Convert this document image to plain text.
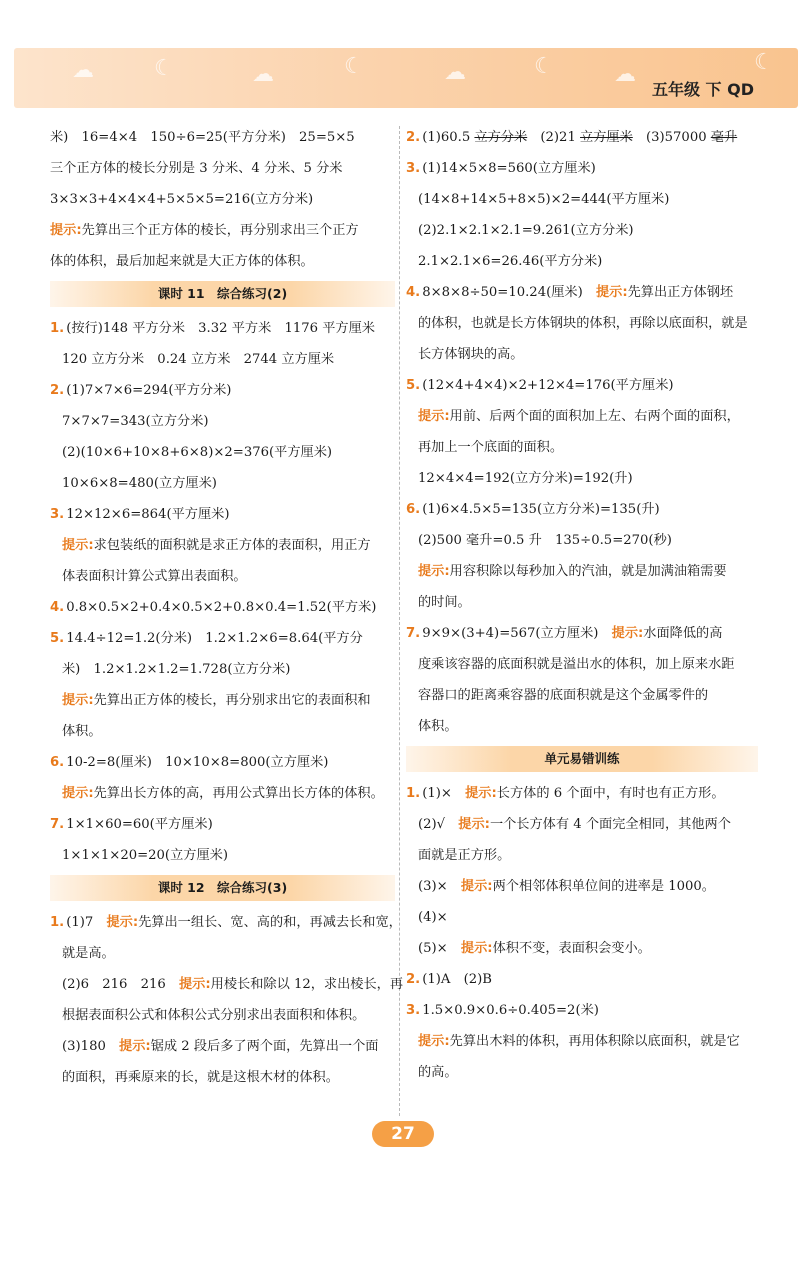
☁	☾	☁	☾	☁	☾	☁	☾
五年级 下 QD
米)　16=4×4　150÷6=25(平方分米)　25=5×5
三个正方体的棱长分别是 3 分米、4 分米、5 分米
3×3×3+4×4×4+5×5×5=216(立方分米)
提示:先算出三个正方体的棱长，再分别求出三个正方
体的体积，最后加起来就是大正方体的体积。
课时 11　综合练习(2)
1. (按行)148 平方分米　3.32 平方米　1176 平方厘米
120 立方分米　0.24 立方米　2744 立方厘米
2. (1)7×7×6=294(平方分米)
7×7×7=343(立方分米)
(2)(10×6+10×8+6×8)×2=376(平方厘米)
10×6×8=480(立方厘米)
3. 12×12×6=864(平方厘米)
提示:求包装纸的面积就是求正方体的表面积，用正方
体表面积计算公式算出表面积。
4. 0.8×0.5×2+0.4×0.5×2+0.8×0.4=1.52(平方米)
5. 14.4÷12=1.2(分米)　1.2×1.2×6=8.64(平方分
米)　1.2×1.2×1.2=1.728(立方分米)
提示:先算出正方体的棱长，再分别求出它的表面积和
体积。
6. 10-2=8(厘米)　10×10×8=800(立方厘米)
提示:先算出长方体的高，再用公式算出长方体的体积。
7. 1×1×60=60(平方厘米)
1×1×1×20=20(立方厘米)
课时 12　综合练习(3)
1. (1)7　 提示:先算出一组长、宽、高的和，再减去长和宽，
就是高。
(2)6　216　216　 提示:用棱长和除以 12，求出棱长，再
根据表面积公式和体积公式分别求出表面积和体积。
(3)180　 提示:锯成 2 段后多了两个面，先算出一个面
的面积，再乘原来的长，就是这根木材的体积。
2. (1)60.5 立方分米　(2)21 立方厘米　(3)57000 毫升
3. (1)14×5×8=560(立方厘米)
(14×8+14×5+8×5)×2=444(平方厘米)
(2)2.1×2.1×2.1=9.261(立方分米)
2.1×2.1×6=26.46(平方分米)
4. 8×8×8÷50=10.24(厘米)　 提示:先算出正方体钢坯
的体积，也就是长方体钢块的体积，再除以底面积，就是
长方体钢块的高。
5. (12×4+4×4)×2+12×4=176(平方厘米)
提示:用前、后两个面的面积加上左、右两个面的面积，
再加上一个底面的面积。
12×4×4=192(立方分米)=192(升)
6. (1)6×4.5×5=135(立方分米)=135(升)
(2)500 毫升=0.5 升　135÷0.5=270(秒)
提示:用容积除以每秒加入的汽油，就是加满油箱需要
的时间。
7. 9×9×(3+4)=567(立方厘米)　 提示:水面降低的高
度乘该容器的底面积就是溢出水的体积，加上原来水距
容器口的距离乘容器的底面积就是这个金属零件的
体积。
单元易错训练
1. (1)×　 提示:长方体的 6 个面中，有时也有正方形。
(2)√　 提示:一个长方体有 4 个面完全相同，其他两个
面就是正方形。
(3)×　 提示:两个相邻体积单位间的进率是 1000。
(4)×
(5)×　 提示:体积不变，表面积会变小。
2. (1)A　(2)B
3. 1.5×0.9×0.6÷0.405=2(米)
提示:先算出木料的体积，再用体积除以底面积，就是它
的高。
27
